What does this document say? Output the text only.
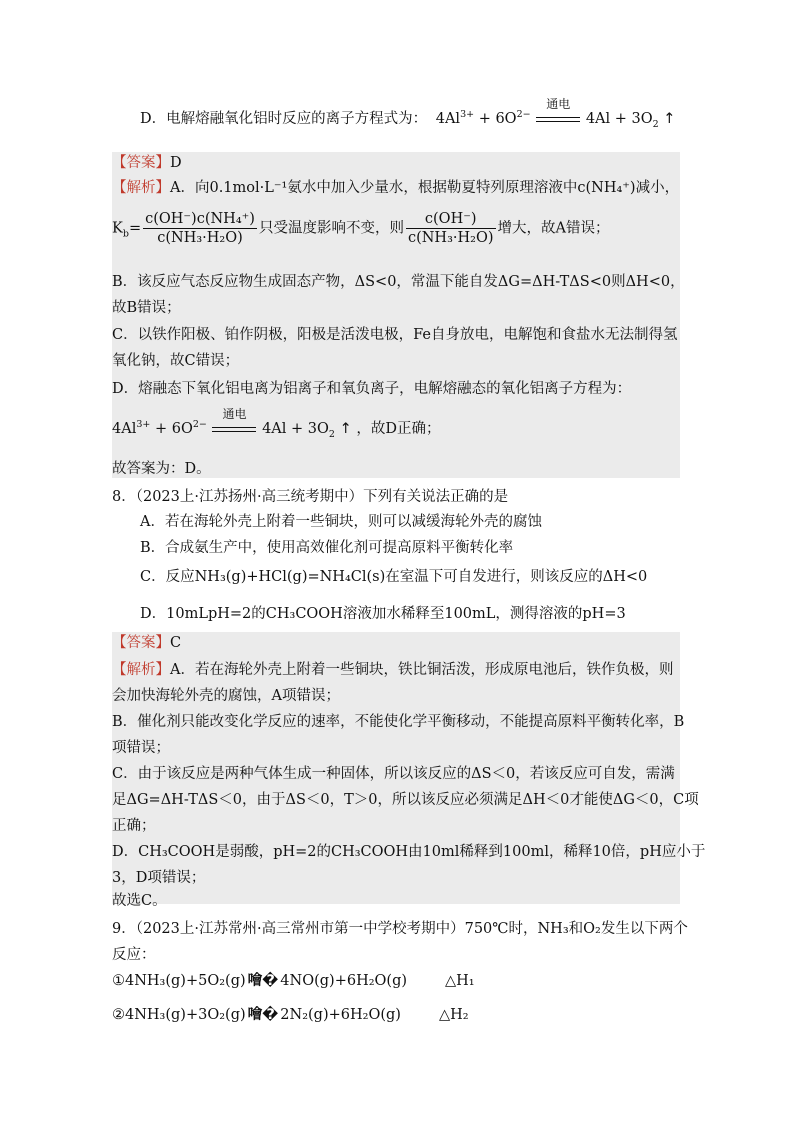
D．电解熔融氧化铝时反应的离子方程式为： $4Al^{3+} + 6O^{2-}$
通电
$4Al + 3O_2$ ↑
【答案】D
【解析】A．向0.1mol·L⁻¹氨水中加入少量水，根据勒夏特列原理溶液中c(NH₄⁺)减小，
$K_b= \frac{\text{c(OH⁻)c(NH₄⁺)}}{\text{c(NH₃·H₂O)}}$ 只受温度影响不变，则 $\frac{c(OH^-)}{\text{c(NH₃·H₂O)}}$ 增大，故A错误；
B．该反应气态反应物生成固态产物，ΔS<0，常温下能自发ΔG=ΔH-TΔS<0则ΔH<0，
故B错误；
C．以铁作阳极、铂作阴极，阳极是活泼电极，Fe自身放电，电解饱和食盐水无法制得氢
氧化钠，故C错误；
D．熔融态下氧化铝电离为铝离子和氧负离子，电解熔融态的氧化铝离子方程为：
$4Al^{3+} + 6O^{2-}$
通电
$4Al + 3O_2$ ↑ ，故D正确；
故答案为：D。
8．（2023上·江苏扬州·高三统考期中）下列有关说法正确的是
A．若在海轮外壳上附着一些铜块，则可以减缓海轮外壳的腐蚀
B．合成氨生产中，使用高效催化剂可提高原料平衡转化率
C．反应NH₃(g)+HCl(g)=NH₄Cl(s)在室温下可自发进行，则该反应的ΔH<0
D．10mLpH=2的CH₃COOH溶液加水稀释至100mL，测得溶液的pH=3
【答案】C
【解析】A．若在海轮外壳上附着一些铜块，铁比铜活泼，形成原电池后，铁作负极，则
会加快海轮外壳的腐蚀，A项错误；
B．催化剂只能改变化学反应的速率，不能使化学平衡移动，不能提高原料平衡转化率，B
项错误；
C．由于该反应是两种气体生成一种固体，所以该反应的ΔS＜0，若该反应可自发，需满
足ΔG=ΔH-TΔS＜0，由于ΔS＜0，T＞0，所以该反应必须满足ΔH＜0才能使ΔG＜0，C项
正确；
D．CH₃COOH是弱酸，pH=2的CH₃COOH由10ml稀释到100ml，稀释10倍，pH应小于
3，D项错误；
故选C。
9．（2023上·江苏常州·高三常州市第一中学校考期中）750℃时，NH₃和O₂发生以下两个
反应：
①4NH₃(g)+5O₂(g) 噲� 4NO(g)+6H₂O(g)	△H₁
②4NH₃(g)+3O₂(g) 噲� 2N₂(g)+6H₂O(g)	△H₂
